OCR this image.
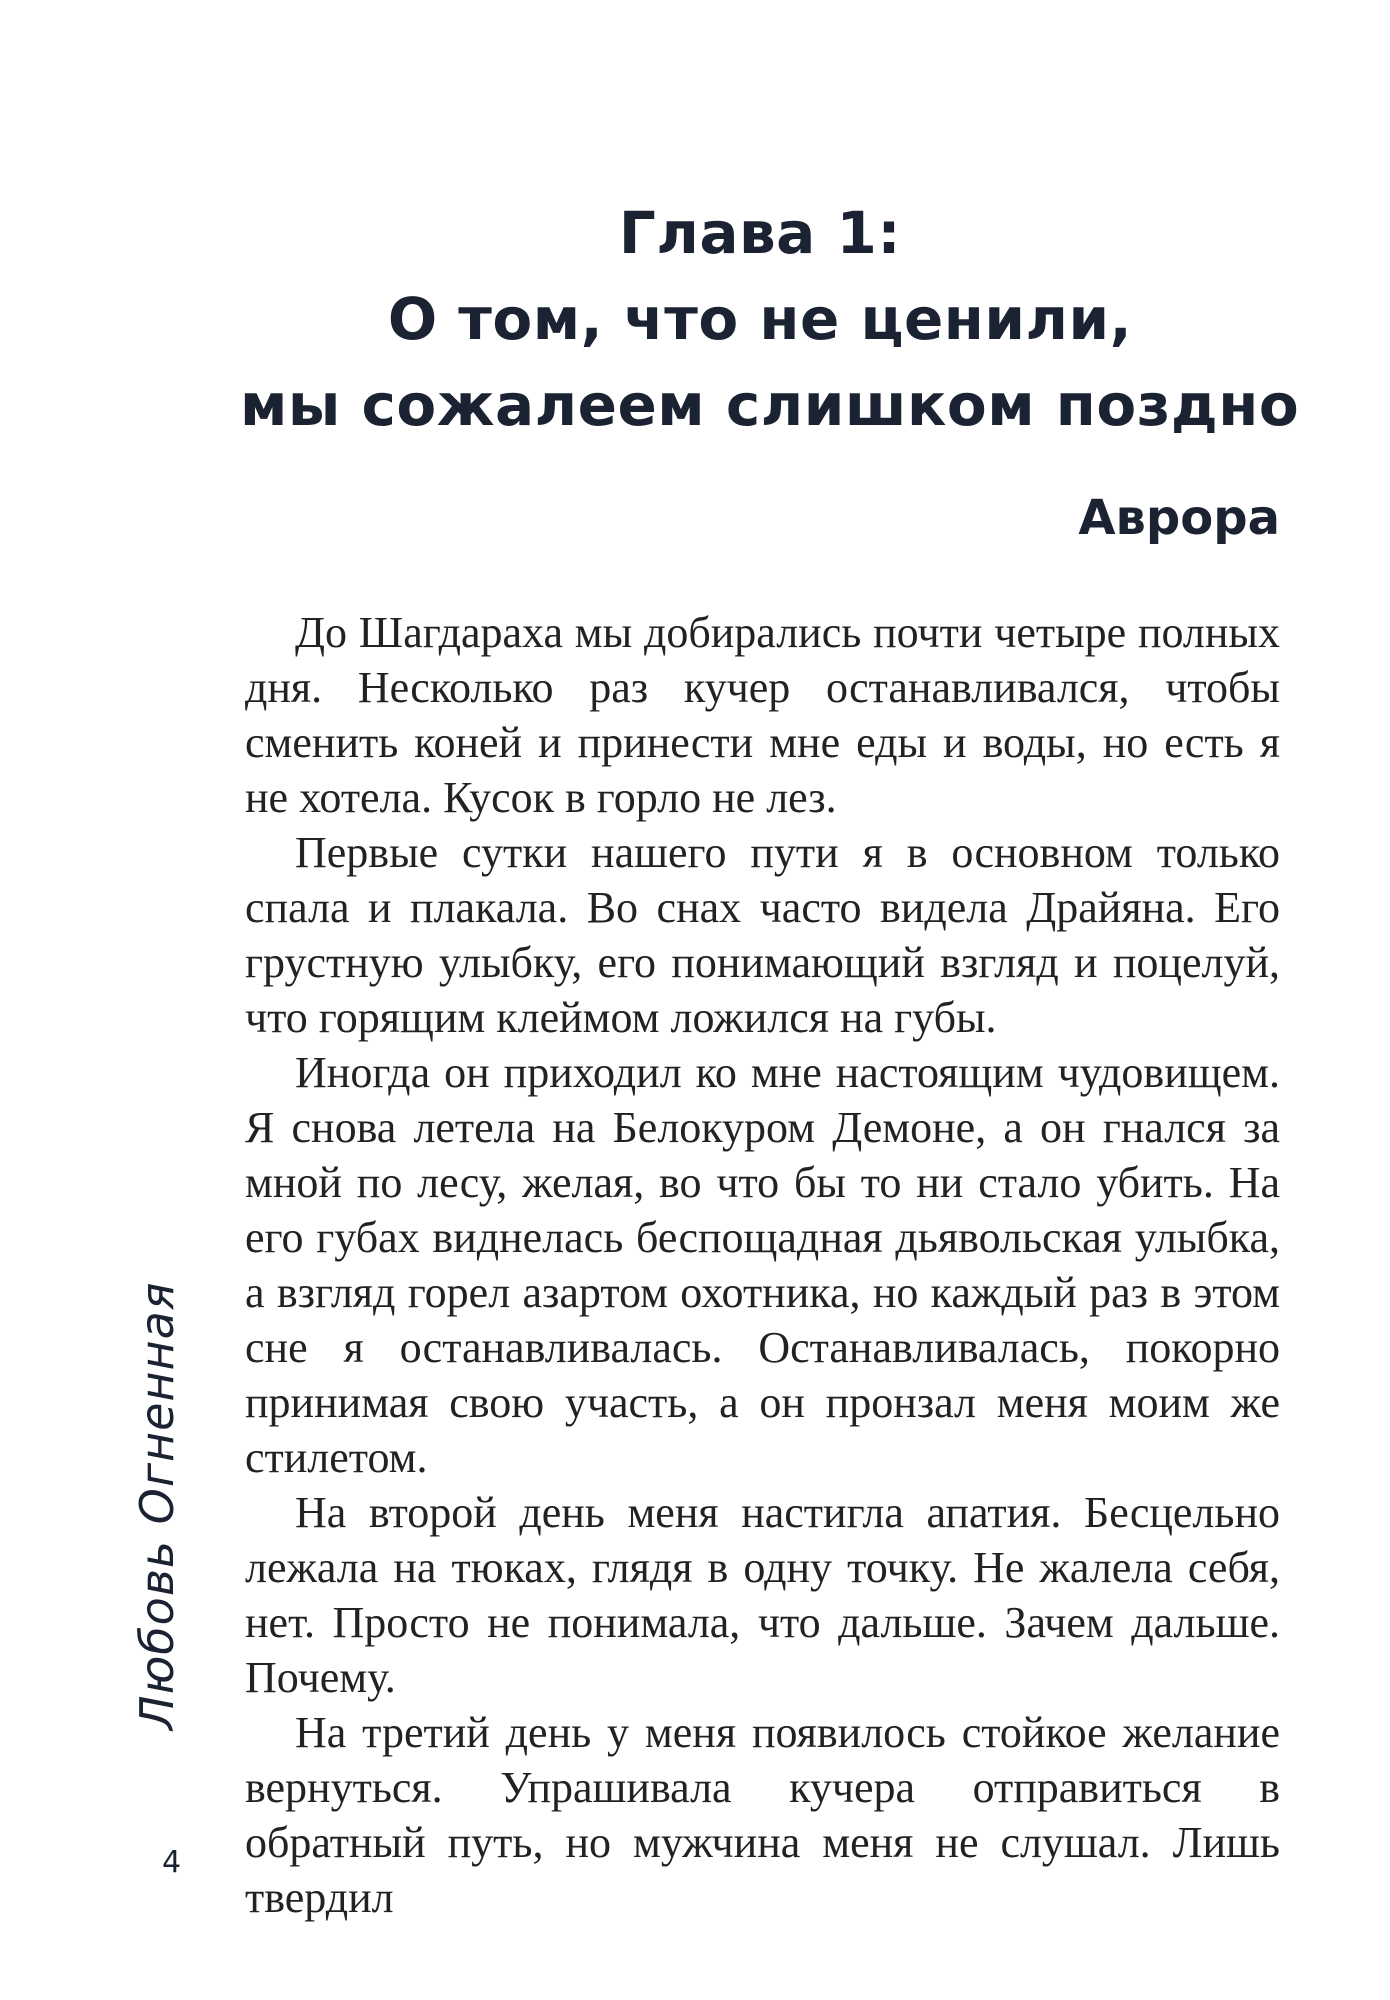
Глава 1:
О том, что не ценили,
мы сожалеем слишком поздно
Аврора

До Шагдараха мы добирались почти четыре полных дня. Несколько раз кучер останавливался, чтобы сменить коней и принести мне еды и воды, но есть я не хотела. Кусок в горло не лез.

Первые сутки нашего пути я в основном только спала и плакала. Во снах часто видела Драйяна. Его грустную улыбку, его понимающий взгляд и поцелуй, что горящим клеймом ложился на губы.

Иногда он приходил ко мне настоящим чудовищем. Я снова летела на Белокуром Демоне, а он гнался за мной по лесу, желая, во что бы то ни стало убить. На его губах виднелась беспощадная дьявольская улыбка, а взгляд горел азартом охотника, но каждый раз в этом сне я останавливалась. Останавливалась, покорно принимая свою участь, а он пронзал меня моим же стилетом.

На второй день меня настигла апатия. Бесцельно лежала на тюках, глядя в одну точку. Не жалела себя, нет. Просто не понимала, что дальше. Зачем дальше. Почему.

На третий день у меня появилось стойкое желание вернуться. Упрашивала кучера отправиться в обратный путь, но мужчина меня не слушал. Лишь твердил

Любовь Огненная
4
